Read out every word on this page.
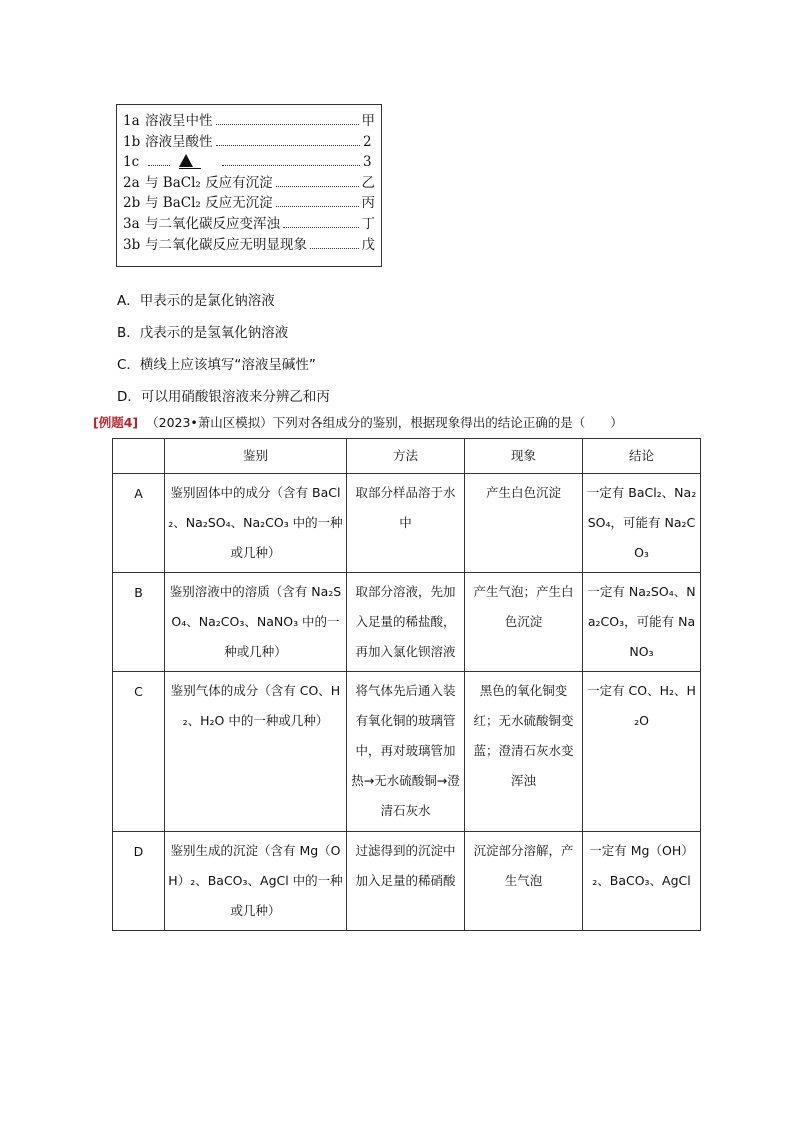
1a 溶液呈中性	甲
1b 溶液呈酸性	2
1c	3
2a 与 BaCl₂ 反应有沉淀	乙
2b 与 BaCl₂ 反应无沉淀	丙
3a 与二氧化碳反应变浑浊	丁
3b 与二氧化碳反应无明显现象	戊
A．甲表示的是氯化钠溶液
B．戊表示的是氢氧化钠溶液
C．横线上应该填写“溶液呈碱性”
D．可以用硝酸银溶液来分辨乙和丙
[例题4] （2023•萧山区模拟）下列对各组成分的鉴别，根据现象得出的结论正确的是（　　）
	鉴别	方法	现象	结论
A	鉴别固体中的成分（含有 BaCl₂、Na₂SO₄、Na₂CO₃ 中的一种或几种）	取部分样品溶于水中	产生白色沉淀	一定有 BaCl₂、Na₂SO₄，可能有 Na₂CO₃
B	鉴别溶液中的溶质（含有 Na₂SO₄、Na₂CO₃、NaNO₃ 中的一种或几种）	取部分溶液，先加入足量的稀盐酸，再加入氯化钡溶液	产生气泡；产生白色沉淀	一定有 Na₂SO₄、Na₂CO₃，可能有 NaNO₃
C	鉴别气体的成分（含有 CO、H₂、H₂O 中的一种或几种）	将气体先后通入装有氧化铜的玻璃管中，再对玻璃管加热→无水硫酸铜→澄清石灰水	黑色的氧化铜变红；无水硫酸铜变蓝；澄清石灰水变浑浊	一定有 CO、H₂、H₂O
D	鉴别生成的沉淀（含有 Mg（OH）₂、BaCO₃、AgCl 中的一种或几种）	过滤得到的沉淀中加入足量的稀硝酸	沉淀部分溶解，产生气泡	一定有 Mg（OH）₂、BaCO₃、AgCl
